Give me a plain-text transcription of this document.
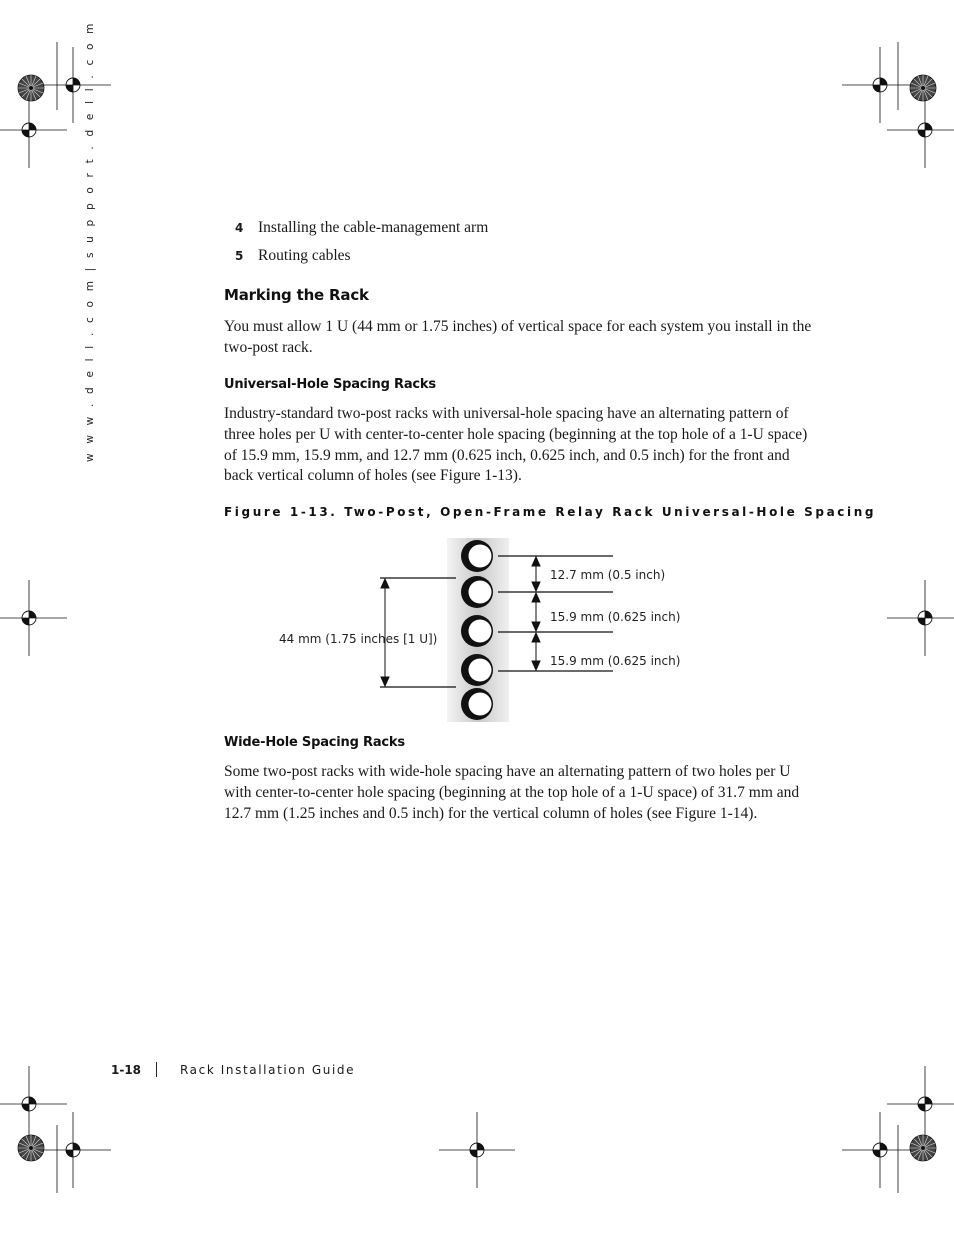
w w w . d e l l . c o m | s u p p o r t . d e l l . c o m	4 Installing the cable-management arm
5 Routing cables
Marking the Rack

You must allow 1 U (44 mm or 1.75 inches) of vertical space for each system you install in the two-post rack.

Universal-Hole Spacing Racks

Industry-standard two-post racks with universal-hole spacing have an alternating pattern of three holes per U with center-to-center hole spacing (beginning at the top hole of a 1-U space) of 15.9 mm, 15.9 mm, and 12.7 mm (0.625 inch, 0.625 inch, and 0.5 inch) for the front and back vertical column of holes (see Figure 1-13).

Figure 1-13. Two-Post, Open-Frame Relay Rack Universal-Hole Spacing
12.7 mm (0.5 inch)
15.9 mm (0.625 inch)
15.9 mm (0.625 inch)
44 mm (1.75 inches [1 U])
Wide-Hole Spacing Racks

Some two-post racks with wide-hole spacing have an alternating pattern of two holes per U with center-to-center hole spacing (beginning at the top hole of a 1-U space) of 31.7 mm and 12.7 mm (1.25 inches and 0.5 inch) for the vertical column of holes (see Figure 1-14).

1-18	Rack Installation Guide
